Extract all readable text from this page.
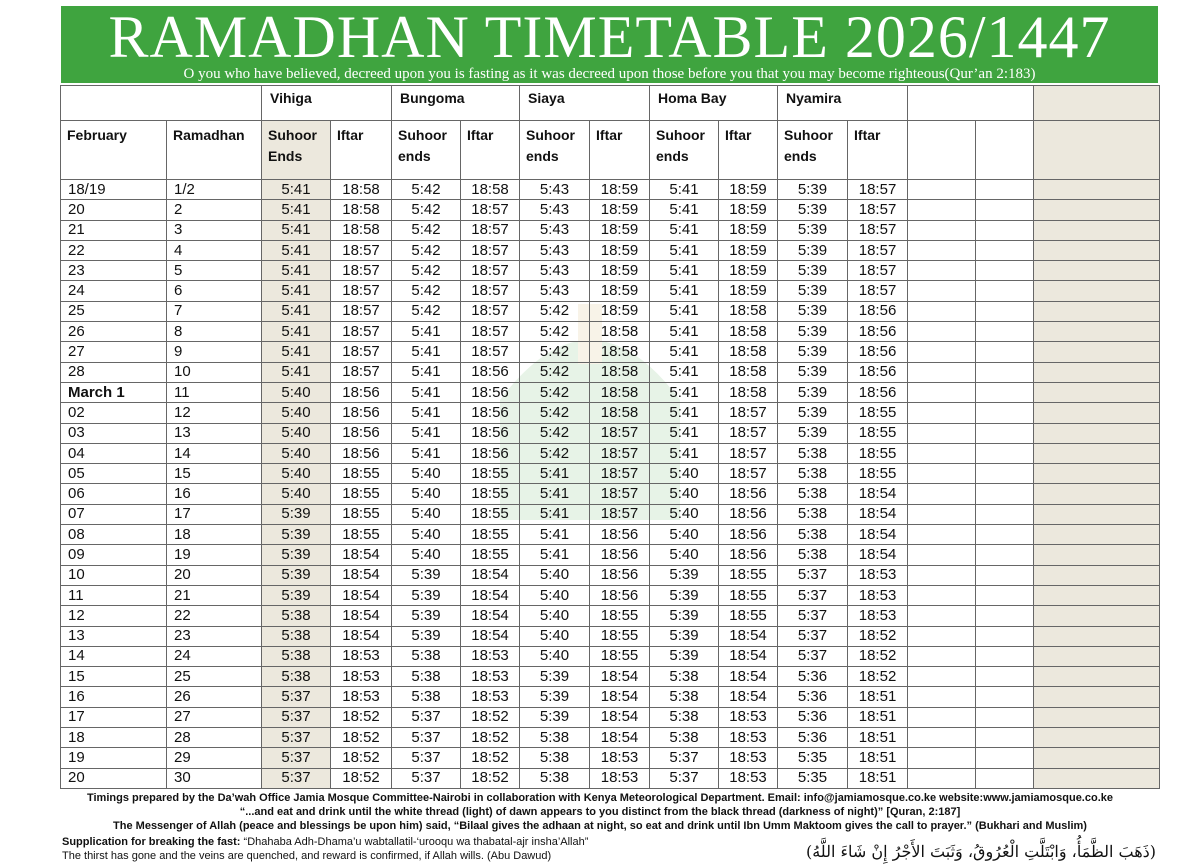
RAMADHAN TIMETABLE 2026/1447
O you who have believed, decreed upon you is fasting as it was decreed upon those before you that you may become righteous(Qur’an 2:183)
		Vihiga		Bungoma		Siaya		Homa Bay		Nyamira				
February	Ramadhan	Suhoor Ends	Iftar	Suhoor ends	Iftar	Suhoor ends	Iftar	Suhoor ends	Iftar	Suhoor ends	Iftar			
18/19	1/2	5:41	18:58	5:42	18:58	5:43	18:59	5:41	18:59	5:39	18:57			
20	2	5:41	18:58	5:42	18:57	5:43	18:59	5:41	18:59	5:39	18:57			
21	3	5:41	18:58	5:42	18:57	5:43	18:59	5:41	18:59	5:39	18:57			
22	4	5:41	18:57	5:42	18:57	5:43	18:59	5:41	18:59	5:39	18:57			
23	5	5:41	18:57	5:42	18:57	5:43	18:59	5:41	18:59	5:39	18:57			
24	6	5:41	18:57	5:42	18:57	5:43	18:59	5:41	18:59	5:39	18:57			
25	7	5:41	18:57	5:42	18:57	5:42	18:59	5:41	18:58	5:39	18:56			
26	8	5:41	18:57	5:41	18:57	5:42	18:58	5:41	18:58	5:39	18:56			
27	9	5:41	18:57	5:41	18:57	5:42	18:58	5:41	18:58	5:39	18:56			
28	10	5:41	18:57	5:41	18:56	5:42	18:58	5:41	18:58	5:39	18:56			
March 1	11	5:40	18:56	5:41	18:56	5:42	18:58	5:41	18:58	5:39	18:56			
02	12	5:40	18:56	5:41	18:56	5:42	18:58	5:41	18:57	5:39	18:55			
03	13	5:40	18:56	5:41	18:56	5:42	18:57	5:41	18:57	5:39	18:55			
04	14	5:40	18:56	5:41	18:56	5:42	18:57	5:41	18:57	5:38	18:55			
05	15	5:40	18:55	5:40	18:55	5:41	18:57	5:40	18:57	5:38	18:55			
06	16	5:40	18:55	5:40	18:55	5:41	18:57	5:40	18:56	5:38	18:54			
07	17	5:39	18:55	5:40	18:55	5:41	18:57	5:40	18:56	5:38	18:54			
08	18	5:39	18:55	5:40	18:55	5:41	18:56	5:40	18:56	5:38	18:54			
09	19	5:39	18:54	5:40	18:55	5:41	18:56	5:40	18:56	5:38	18:54			
10	20	5:39	18:54	5:39	18:54	5:40	18:56	5:39	18:55	5:37	18:53			
11	21	5:39	18:54	5:39	18:54	5:40	18:56	5:39	18:55	5:37	18:53			
12	22	5:38	18:54	5:39	18:54	5:40	18:55	5:39	18:55	5:37	18:53			
13	23	5:38	18:54	5:39	18:54	5:40	18:55	5:39	18:54	5:37	18:52			
14	24	5:38	18:53	5:38	18:53	5:40	18:55	5:39	18:54	5:37	18:52			
15	25	5:38	18:53	5:38	18:53	5:39	18:54	5:38	18:54	5:36	18:52			
16	26	5:37	18:53	5:38	18:53	5:39	18:54	5:38	18:54	5:36	18:51			
17	27	5:37	18:52	5:37	18:52	5:39	18:54	5:38	18:53	5:36	18:51			
18	28	5:37	18:52	5:37	18:52	5:38	18:54	5:38	18:53	5:36	18:51			
19	29	5:37	18:52	5:37	18:52	5:38	18:53	5:37	18:53	5:35	18:51			
20	30	5:37	18:52	5:37	18:52	5:38	18:53	5:37	18:53	5:35	18:51			
Timings prepared by the Da’wah Office Jamia Mosque Committee-Nairobi in collaboration with Kenya Meteorological Department. Email: info@jamiamosque.co.ke website:www.jamiamosque.co.ke
“...and eat and drink until the white thread (light) of dawn appears to you distinct from the black thread (darkness of night)” [Quran, 2:187]
The Messenger of Allah (peace and blessings be upon him) said, “Bilaal gives the adhaan at night, so eat and drink until Ibn Umm Maktoom gives the call to prayer.” (Bukhari and Muslim)
Supplication for breaking the fast: “Dhahaba Adh-Dhama’u wabtallatil-‘urooqu wa thabatal-ajr insha’Allah”
The thirst has gone and the veins are quenched, and reward is confirmed, if Allah wills. (Abu Dawud)	(ذَهَبَ الظَّمَأُ، وَابْتَلَّتِ الْعُرُوقُ، وَثَبَتَ الأَجْرُ إِنْ شَاءَ اللَّهُ)
